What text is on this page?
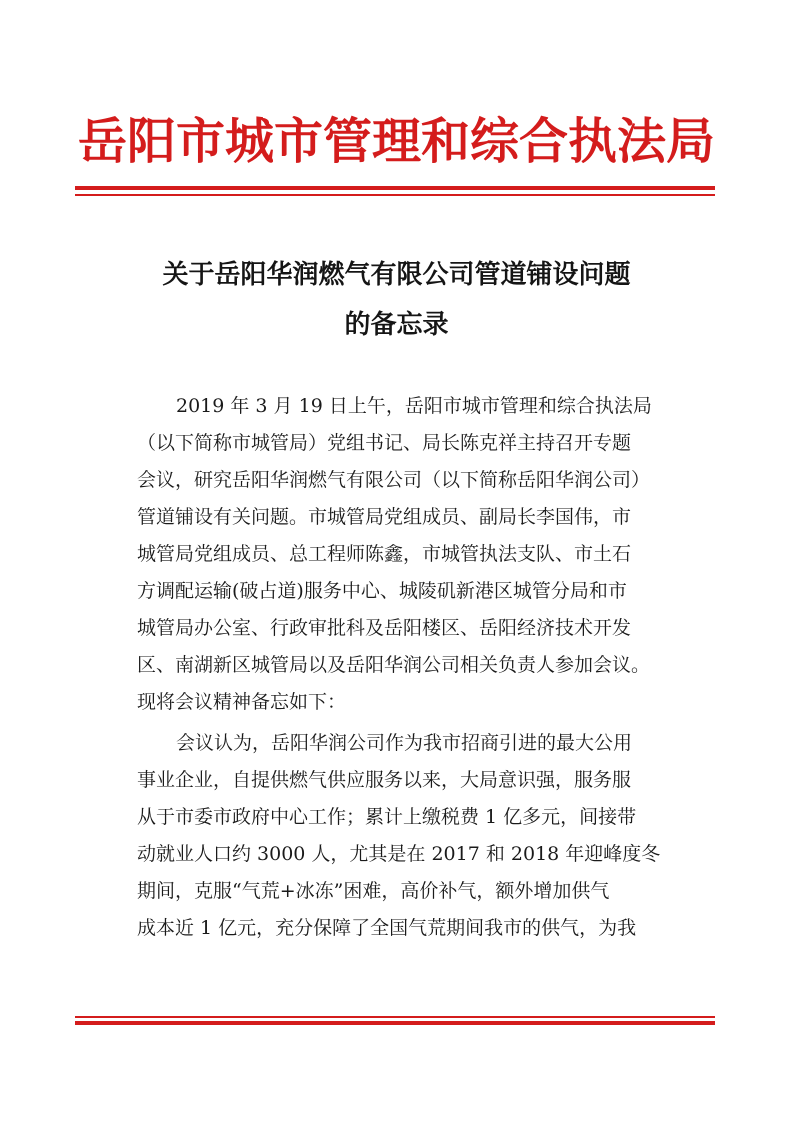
岳阳市城市管理和综合执法局
关于岳阳华润燃气有限公司管道铺设问题
的备忘录
2019 年 3 月 19 日上午，岳阳市城市管理和综合执法局
（以下简称市城管局）党组书记、局长陈克祥主持召开专题
会议，研究岳阳华润燃气有限公司（以下简称岳阳华润公司）
管道铺设有关问题。市城管局党组成员、副局长李国伟，市
城管局党组成员、总工程师陈鑫，市城管执法支队、市土石
方调配运输(破占道)服务中心、城陵矶新港区城管分局和市
城管局办公室、行政审批科及岳阳楼区、岳阳经济技术开发
区、南湖新区城管局以及岳阳华润公司相关负责人参加会议。
现将会议精神备忘如下：
会议认为，岳阳华润公司作为我市招商引进的最大公用
事业企业，自提供燃气供应服务以来，大局意识强，服务服
从于市委市政府中心工作；累计上缴税费 1 亿多元，间接带
动就业人口约 3000 人，尤其是在 2017 和 2018 年迎峰度冬
期间，克服“气荒+冰冻”困难，高价补气，额外增加供气
成本近 1 亿元，充分保障了全国气荒期间我市的供气，为我
